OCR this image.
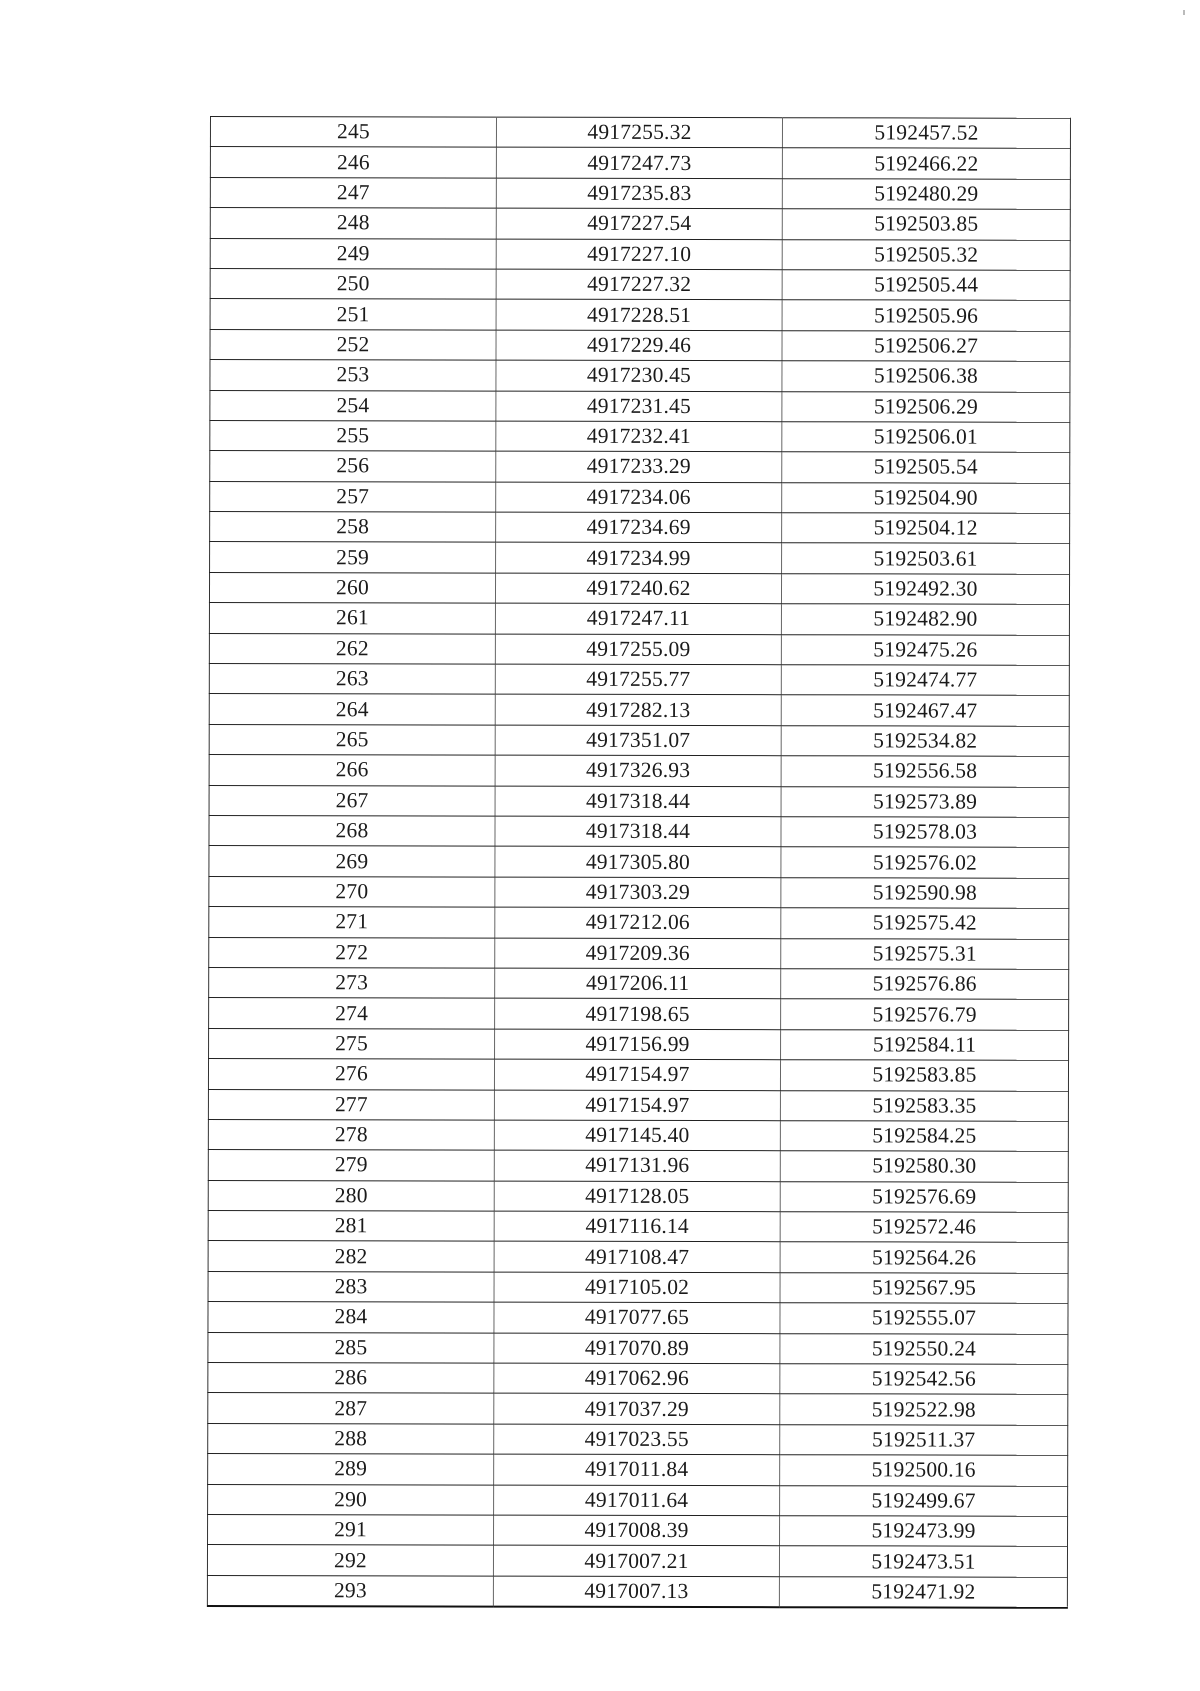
245	4917255.32	5192457.52
246	4917247.73	5192466.22
247	4917235.83	5192480.29
248	4917227.54	5192503.85
249	4917227.10	5192505.32
250	4917227.32	5192505.44
251	4917228.51	5192505.96
252	4917229.46	5192506.27
253	4917230.45	5192506.38
254	4917231.45	5192506.29
255	4917232.41	5192506.01
256	4917233.29	5192505.54
257	4917234.06	5192504.90
258	4917234.69	5192504.12
259	4917234.99	5192503.61
260	4917240.62	5192492.30
261	4917247.11	5192482.90
262	4917255.09	5192475.26
263	4917255.77	5192474.77
264	4917282.13	5192467.47
265	4917351.07	5192534.82
266	4917326.93	5192556.58
267	4917318.44	5192573.89
268	4917318.44	5192578.03
269	4917305.80	5192576.02
270	4917303.29	5192590.98
271	4917212.06	5192575.42
272	4917209.36	5192575.31
273	4917206.11	5192576.86
274	4917198.65	5192576.79
275	4917156.99	5192584.11
276	4917154.97	5192583.85
277	4917154.97	5192583.35
278	4917145.40	5192584.25
279	4917131.96	5192580.30
280	4917128.05	5192576.69
281	4917116.14	5192572.46
282	4917108.47	5192564.26
283	4917105.02	5192567.95
284	4917077.65	5192555.07
285	4917070.89	5192550.24
286	4917062.96	5192542.56
287	4917037.29	5192522.98
288	4917023.55	5192511.37
289	4917011.84	5192500.16
290	4917011.64	5192499.67
291	4917008.39	5192473.99
292	4917007.21	5192473.51
293	4917007.13	5192471.92
